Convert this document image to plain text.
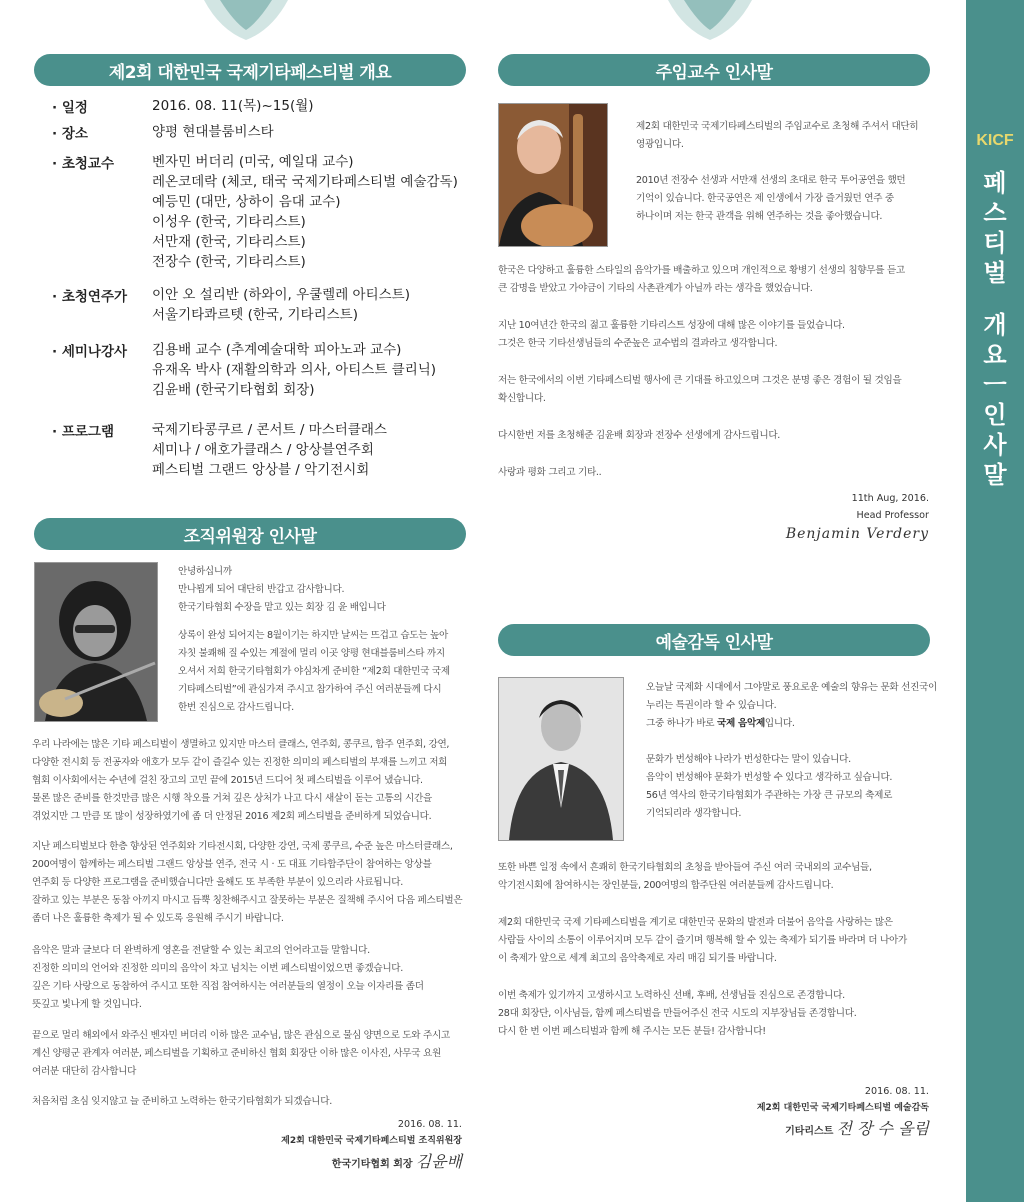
제2회 대한민국 국제기타페스티벌 개요
· 일정	2016. 08. 11(목)~15(월)
· 장소	양평 현대블룸비스타
· 초청교수	벤자민 버더리 (미국, 예일대 교수)
레온코데락 (체코, 태국 국제기타페스티벌 예술감독)
예등민 (대만, 상하이 음대 교수)
이성우 (한국, 기타리스트)
서만재 (한국, 기타리스트)
전장수 (한국, 기타리스트)
· 초청연주가 이안 오 설리반 (하와이, 우쿨렐레 아티스트)
서울기타콰르텟 (한국, 기타리스트)
· 세미나강사 김용배 교수 (추계예술대학 피아노과 교수)
유재옥 박사 (재활의학과 의사, 아티스트 클리닉)
김윤배 (한국기타협회 회장)
· 프로그램	국제기타콩쿠르 / 콘서트 / 마스터클래스
세미나 / 애호가클래스 / 앙상블연주회
페스티벌 그랜드 앙상블 / 악기전시회
조직위원장 인사말
안녕하십니까
만나뵙게 되어 대단히 반갑고 감사합니다.
한국기타협회 수장을 맡고 있는 회장 김 윤 배입니다
상록이 완성 되어지는 8월이기는 하지만 날씨는 뜨겁고 습도는 높아
자칫 불쾌해 질 수있는 계절에 멀리 이곳 양평 현대블룸비스타 까지
오셔서 저희 한국기타협회가 야심차게 준비한 “제2회 대한민국 국제
기타페스티벌”에 관심가져 주시고 참가하여 주신 여러분들께 다시
한번 진심으로 감사드립니다.
우리 나라에는 많은 기타 페스티벌이 생멸하고 있지만 마스터 클래스, 연주회, 콩쿠르, 합주 연주회, 강연,
다양한 전시회 등 전공자와 애호가 모두 같이 즐길수 있는 진정한 의미의 페스티벌의 부재를 느끼고 저희
협회 이사회에서는 수년에 걸친 장고의 고민 끝에 2015년 드디어 첫 페스티벌을 이루어 냈습니다.
물론 많은 준비를 한것만큼 많은 시행 착오를 거쳐 깊은 상처가 나고 다시 새살이 돋는 고통의 시간을
겪었지만 그 만큼 또 많이 성장하였기에 좀 더 안정된 2016 제2회 페스티벌을 준비하게 되었습니다.
지난 페스티벌보다 한층 향상된 연주회와 기타전시회, 다양한 강연, 국제 콩쿠르, 수준 높은 마스터클래스,
200여명이 함께하는 페스티벌 그랜드 앙상블 연주, 전국 시 · 도 대표 기타합주단이 참여하는 앙상블
연주회 등 다양한 프로그램을 준비했습니다만 올해도 또 부족한 부분이 있으리라 사료됩니다.
잘하고 있는 부분은 동참 아끼지 마시고 듬뿍 칭찬해주시고 잘못하는 부분은 질책해 주시어 다음 페스티벌은
좀더 나은 훌륭한 축제가 될 수 있도록 응원해 주시기 바랍니다.
음악은 말과 글보다 더 완벽하게 영혼을 전달할 수 있는 최고의 언어라고들 말합니다.
진정한 의미의 언어와 진정한 의미의 음악이 차고 넘치는 이번 페스티벌이었으면 좋겠습니다.
깊은 기타 사랑으로 동참하여 주시고 또한 직접 참여하시는 여러분들의 열정이 오늘 이자리를 좀더
뜻깊고 빛나게 할 것입니다.
끝으로 멀리 해외에서 와주신 벤자민 버더리 이하 많은 교수님, 많은 관심으로 물심 양면으로 도와 주시고
계신 양평군 관계자 여러분, 페스티벌을 기획하고 준비하신 협회 회장단 이하 많은 이사진, 사무국 요원
여러분 대단히 감사합니다
처음처럼 초심 잊지않고 늘 준비하고 노력하는 한국기타협회가 되겠습니다.
2016. 08. 11.
제2회 대한민국 국제기타페스티벌 조직위원장
한국기타협회 회장 김윤배
주임교수 인사말
제2회 대한민국 국제기타페스티벌의 주임교수로 초청해 주셔서 대단히
영광입니다.
2010년 전장수 선생과 서만재 선생의 초대로 한국 투어공연을 했던
기억이 있습니다. 한국공연은 제 인생에서 가장 즐거웠던 연주 중
하나이며 저는 한국 관객을 위해 연주하는 것을 좋아했습니다.
한국은 다양하고 훌륭한 스타일의 음악가를 배출하고 있으며 개인적으로 황병기 선생의 침향무를 듣고
큰 감명을 받았고 가야금이 기타의 사촌관계가 아닐까 라는 생각을 했었습니다.
지난 10여년간 한국의 젊고 훌륭한 기타리스트 성장에 대해 많은 이야기를 들었습니다.
그것은 한국 기타선생님들의 수준높은 교수법의 결과라고 생각합니다.
저는 한국에서의 이번 기타페스티벌 행사에 큰 기대를 하고있으며 그것은 분명 좋은 경험이 될 것임을
확신합니다.
다시한번 저를 초청해준 김윤배 회장과 전장수 선생에게 감사드립니다.
사랑과 평화 그리고 기타..
11th Aug, 2016.
Head Professor
Benjamin Verdery
예술감독 인사말
오늘날 국제화 시대에서 그야말로 풍요로운 예술의 향유는 문화 선진국이
누리는 특권이라 할 수 있습니다.
그중 하나가 바로 국제 음악제입니다.
문화가 번성해야 나라가 번성한다는 말이 있습니다.
음악이 번성해야 문화가 번성할 수 있다고 생각하고 싶습니다.
56년 역사의 한국기타협회가 주관하는 가장 큰 규모의 축제로
기억되리라 생각합니다.
또한 바쁜 일정 속에서 흔쾌히 한국기타협회의 초청을 받아들여 주신 여러 국내외의 교수님들,
악기전시회에 참여하시는 장인분들, 200여명의 합주단원 여러분들께 감사드립니다.
제2회 대한민국 국제 기타페스티벌을 계기로 대한민국 문화의 발전과 더불어 음악을 사랑하는 많은
사람들 사이의 소통이 이루어지며 모두 같이 즐기며 행복해 할 수 있는 축제가 되기를 바라며 더 나아가
이 축제가 앞으로 세계 최고의 음악축제로 자리 매김 되기를 바랍니다.
이번 축제가 있기까지 고생하시고 노력하신 선배, 후배, 선생님들 진심으로 존경합니다.
28대 회장단, 이사님들, 함께 페스티벌을 만들어주신 전국 시도의 지부장님들 존경합니다.
다시 한 번 이번 페스티벌과 함께 해 주시는 모든 분들! 감사합니다!
2016. 08. 11.
제2회 대한민국 국제기타페스티벌 예술감독
기타리스트 전 장 수 올림
KICF
페
스
티
벌
개
요
ㅡ
인
사
말
